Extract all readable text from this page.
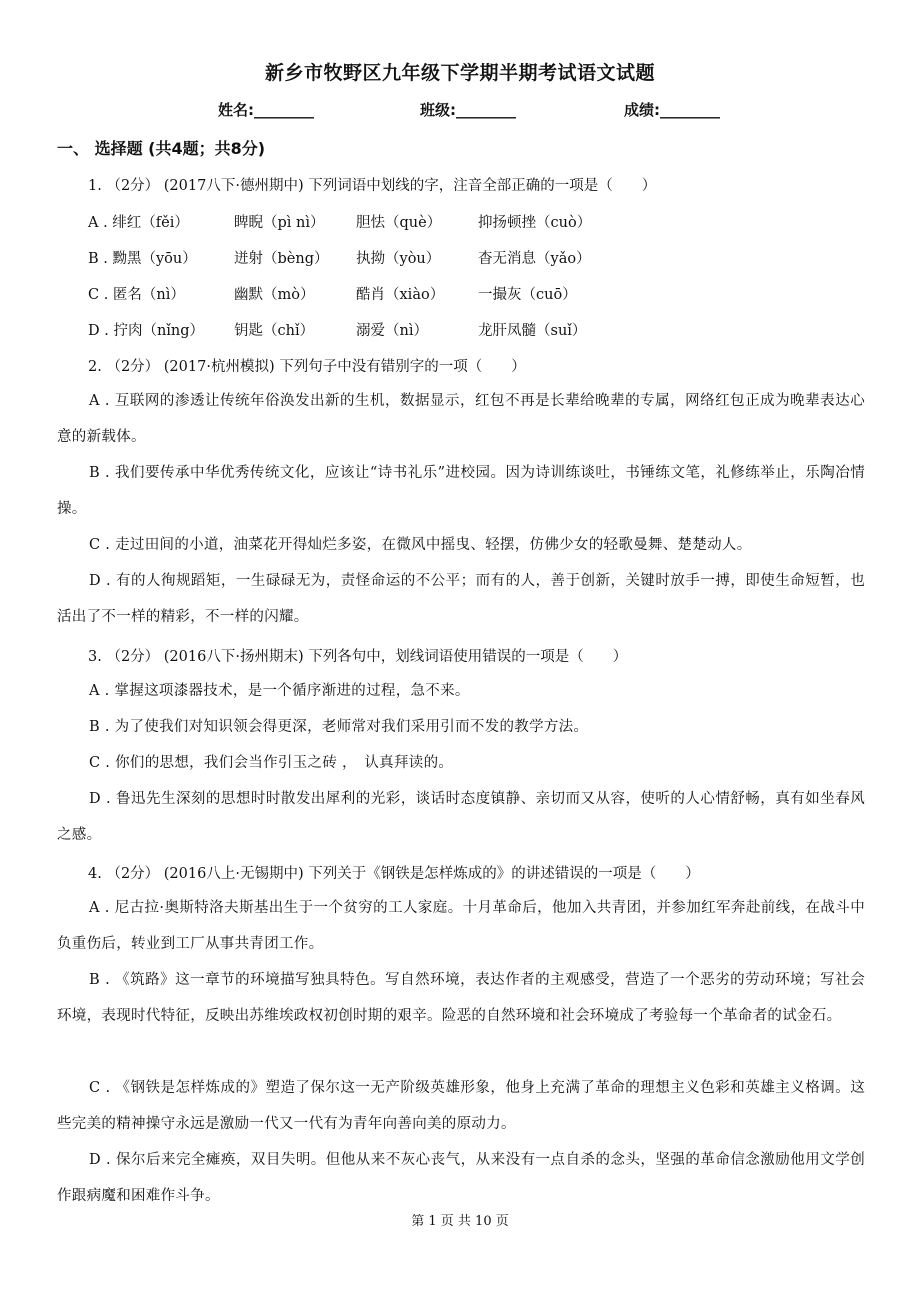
新乡市牧野区九年级下学期半期考试语文试题
姓名:________	班级:________	成绩:________
一、 选择题 (共4题；共8分)
1. （2分） (2017八下·德州期中) 下列词语中划线的字，注音全部正确的一项是（　　）
A . 绯红（fěi）	睥睨（pì nì） 胆怯（què）	抑扬顿挫（cuò）
B . 黝黑（yōu）	迸射（bèng） 执拗（yòu）	杳无消息（yǎo）
C . 匿名（nì）	幽默（mò）	酷肖（xiào） 一撮灰（cuō）
D . 拧肉（nǐng） 钥匙（chǐ）	溺爱（nì）	龙肝凤髓（suǐ）
2. （2分） (2017·杭州模拟) 下列句子中没有错别字的一项（　　）
A . 互联网的渗透让传统年俗涣发出新的生机，数据显示，红包不再是长辈给晚辈的专属，网络红包正成为晚辈表达心意的新载体。
B . 我们要传承中华优秀传统文化，应该让“诗书礼乐”进校园。因为诗训练谈吐，书锤练文笔，礼修练举止，乐陶冶情操。
C . 走过田间的小道，油菜花开得灿烂多姿，在微风中摇曳、轻摆，仿佛少女的轻歌曼舞、楚楚动人。
D . 有的人徇规蹈矩，一生碌碌无为，责怪命运的不公平；而有的人，善于创新，关键时放手一搏，即使生命短暂，也活出了不一样的精彩，不一样的闪耀。
3. （2分） (2016八下·扬州期末) 下列各句中，划线词语使用错误的一项是（　　）
A . 掌握这项漆器技术，是一个循序渐进的过程，急不来。
B . 为了使我们对知识领会得更深，老师常对我们采用引而不发的教学方法。
C . 你们的思想，我们会当作引玉之砖 ，　认真拜读的。
D . 鲁迅先生深刻的思想时时散发出犀利的光彩，谈话时态度镇静、亲切而又从容，使听的人心情舒畅，真有如坐春风之感。
4. （2分） (2016八上·无锡期中) 下列关于《钢铁是怎样炼成的》的讲述错误的一项是（　　）
A . 尼古拉·奥斯特洛夫斯基出生于一个贫穷的工人家庭。十月革命后，他加入共青团，并参加红军奔赴前线，在战斗中负重伤后，转业到工厂从事共青团工作。
B . 《筑路》这一章节的环境描写独具特色。写自然环境，表达作者的主观感受，营造了一个恶劣的劳动环境；写社会环境，表现时代特征，反映出苏维埃政权初创时期的艰辛。险恶的自然环境和社会环境成了考验每一个革命者的试金石。
C . 《钢铁是怎样炼成的》塑造了保尔这一无产阶级英雄形象，他身上充满了革命的理想主义色彩和英雄主义格调。这些完美的精神操守永远是激励一代又一代有为青年向善向美的原动力。
D . 保尔后来完全瘫痪，双目失明。但他从来不灰心丧气，从来没有一点自杀的念头，坚强的革命信念激励他用文学创作跟病魔和困难作斗争。
第 1 页 共 10 页
